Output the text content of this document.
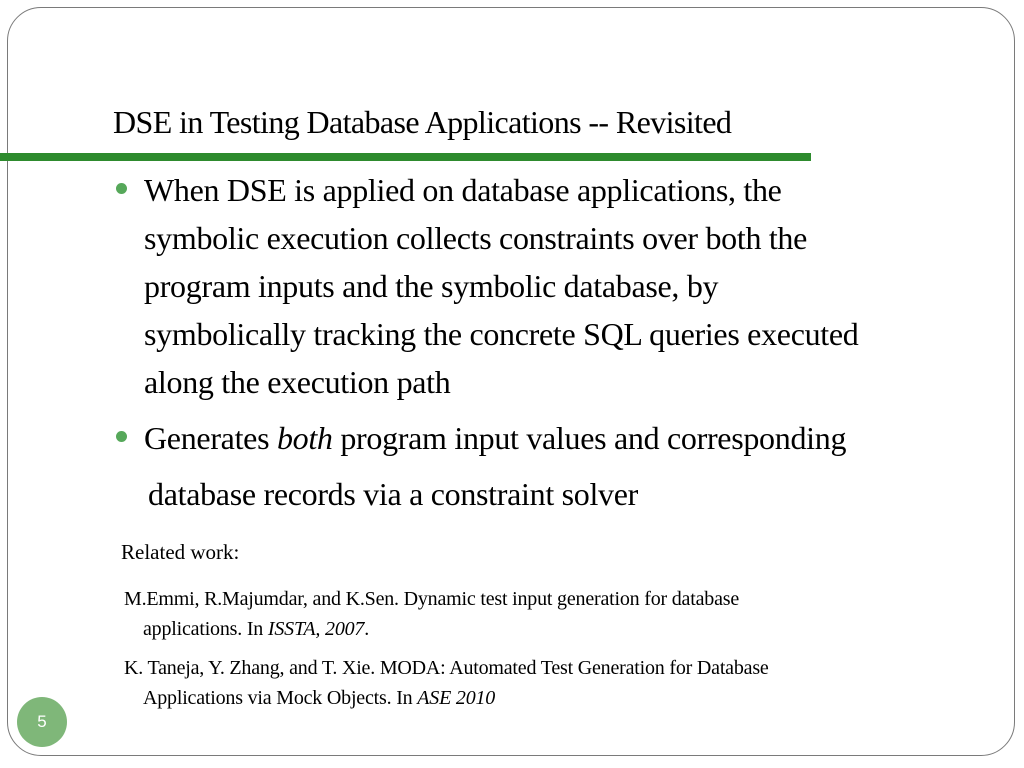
DSE in Testing Database Applications -- Revisited
When DSE is applied on database applications, the
symbolic execution collects constraints over both the
program inputs and the symbolic database, by
symbolically tracking the concrete SQL queries executed
along the execution path
Generates both program input values and corresponding
database records via a constraint solver
Related work:
M.Emmi, R.Majumdar, and K.Sen. Dynamic test input generation for database
applications. In ISSTA, 2007.
K. Taneja, Y. Zhang, and T. Xie. MODA: Automated Test Generation for Database
Applications via Mock Objects. In ASE 2010
5
